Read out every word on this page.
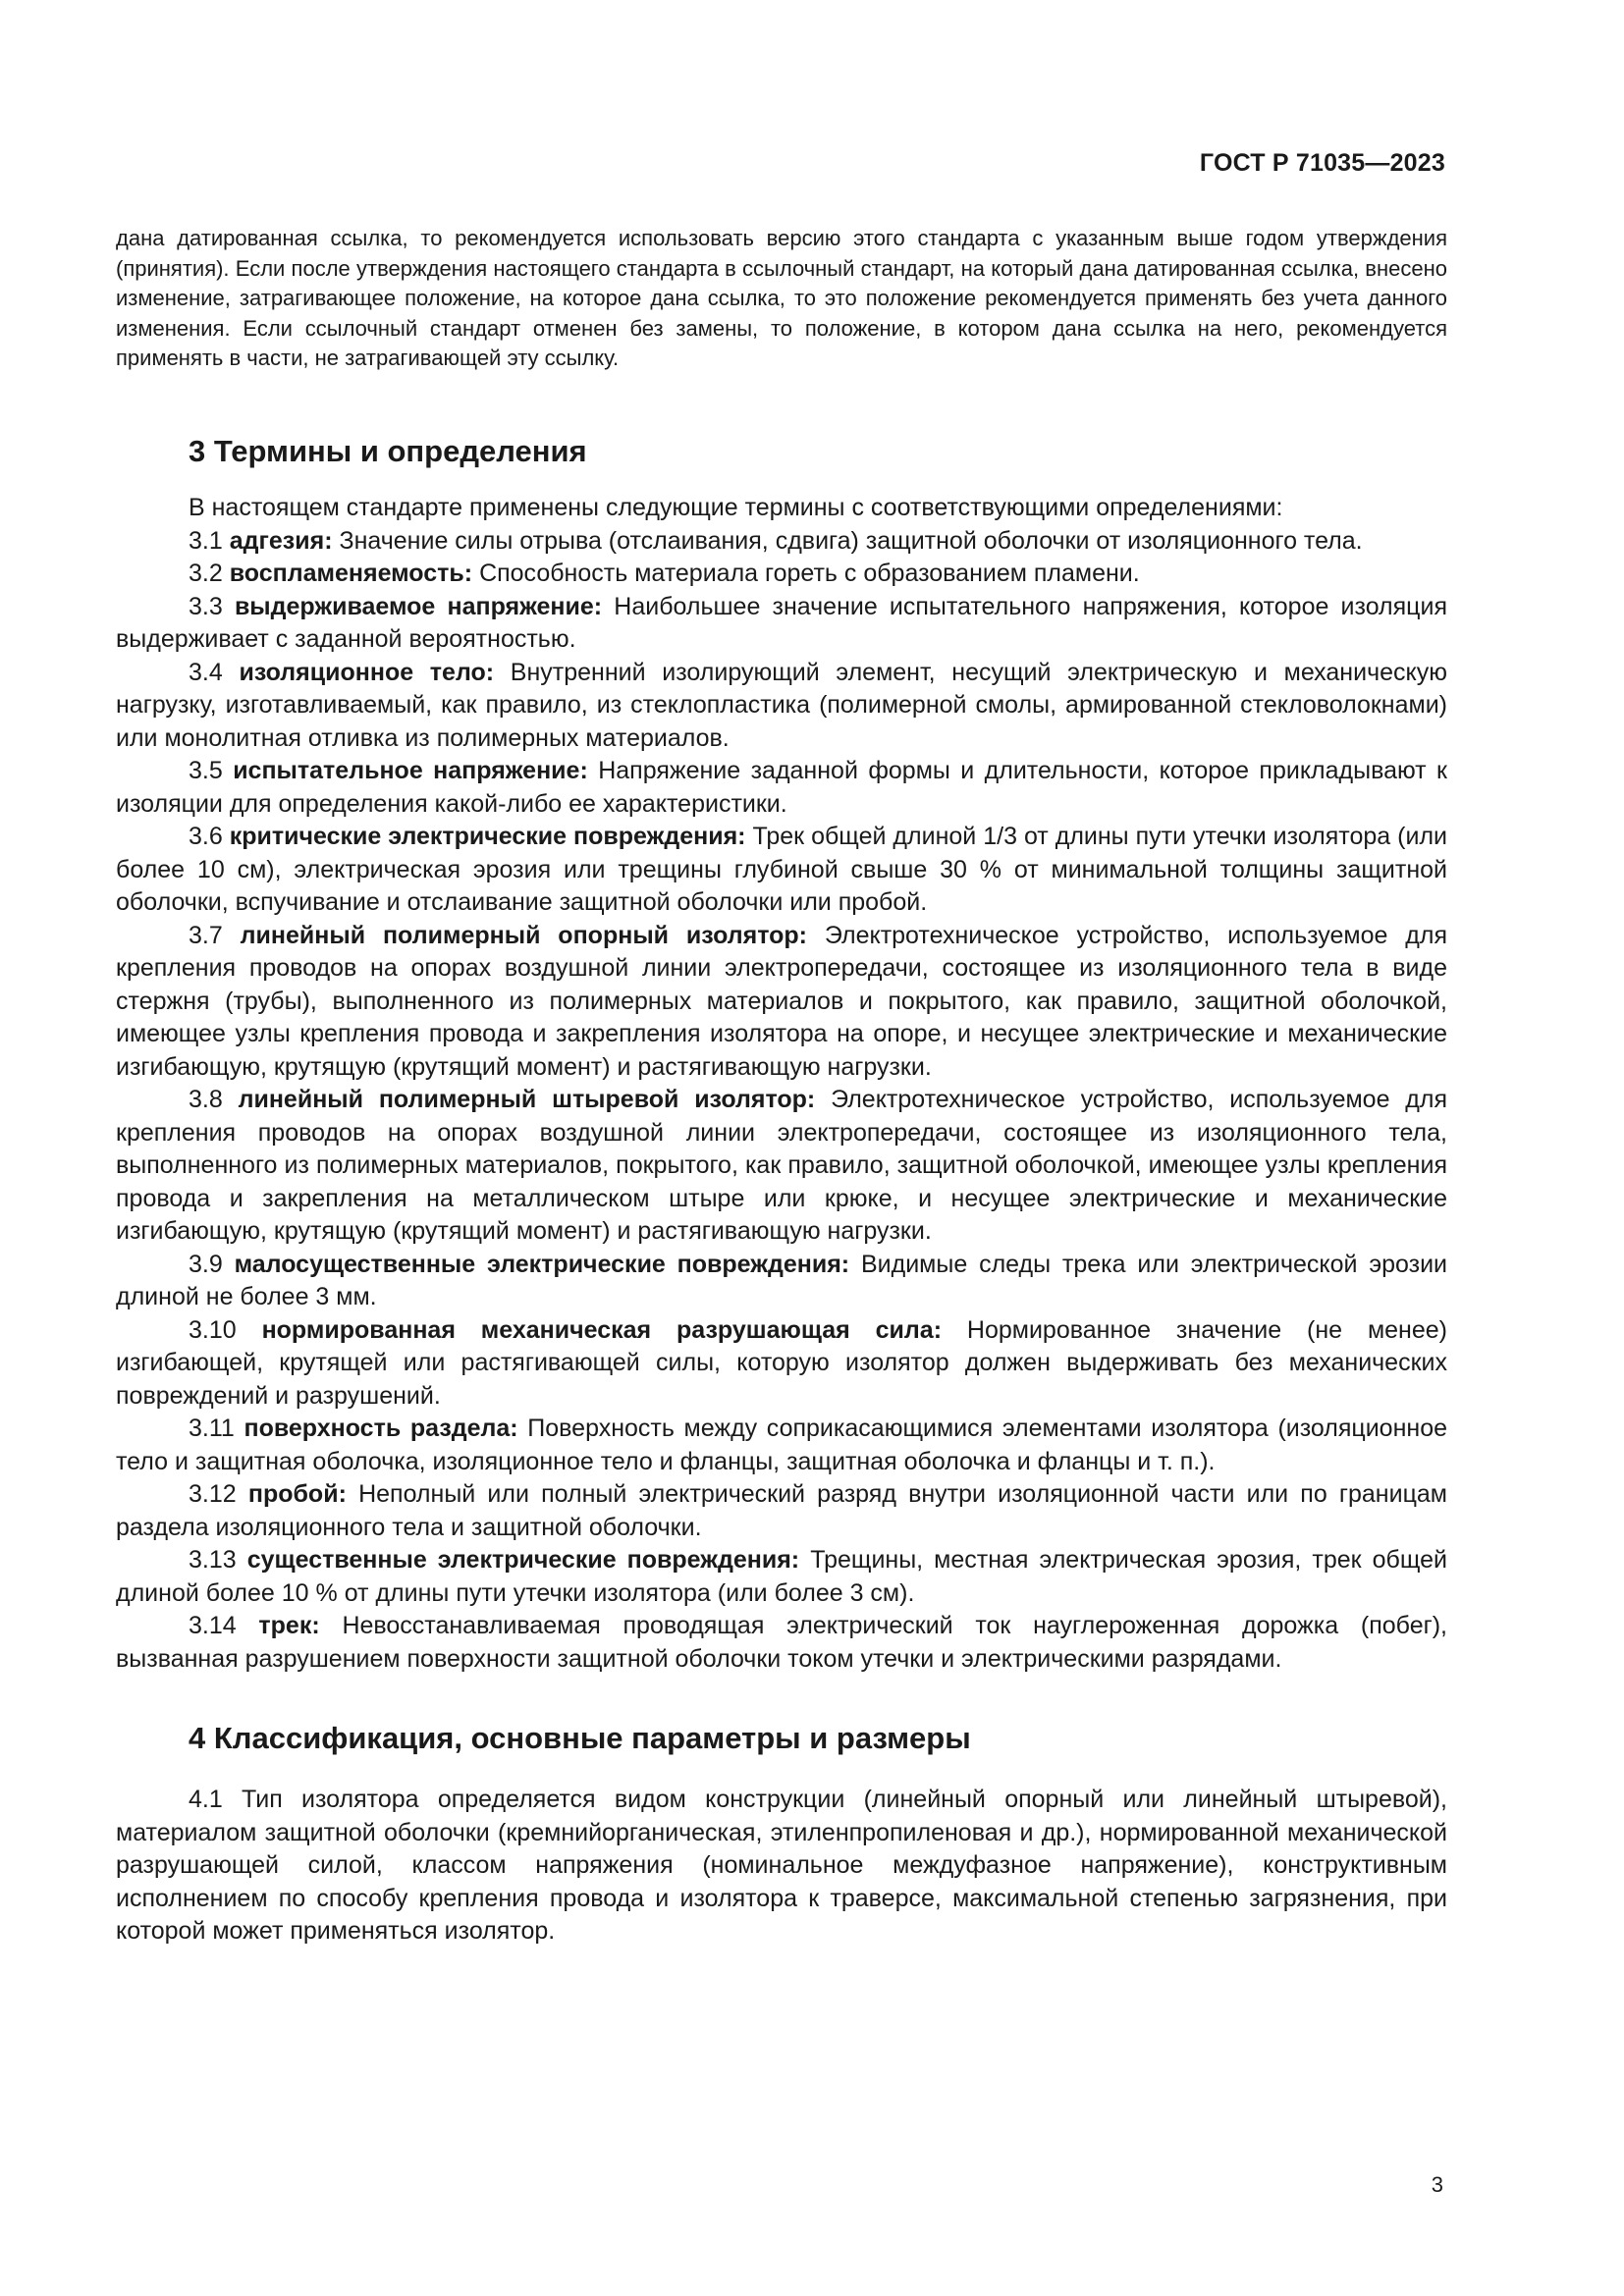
ГОСТ Р 71035—2023
дана датированная ссылка, то рекомендуется использовать версию этого стандарта с указанным выше годом утверждения (принятия). Если после утверждения настоящего стандарта в ссылочный стандарт, на который дана датированная ссылка, внесено изменение, затрагивающее положение, на которое дана ссылка, то это положение рекомендуется применять без учета данного изменения. Если ссылочный стандарт отменен без замены, то положение, в котором дана ссылка на него, рекомендуется применять в части, не затрагивающей эту ссылку.
3 Термины и определения

В настоящем стандарте применены следующие термины с соответствующими определениями:

3.1 адгезия: Значение силы отрыва (отслаивания, сдвига) защитной оболочки от изоляционного тела.

3.2 воспламеняемость: Способность материала гореть с образованием пламени.

3.3 выдерживаемое напряжение: Наибольшее значение испытательного напряжения, которое изоляция выдерживает с заданной вероятностью.

3.4 изоляционное тело: Внутренний изолирующий элемент, несущий электрическую и механическую нагрузку, изготавливаемый, как правило, из стеклопластика (полимерной смолы, армированной стекловолокнами) или монолитная отливка из полимерных материалов.

3.5 испытательное напряжение: Напряжение заданной формы и длительности, которое прикладывают к изоляции для определения какой-либо ее характеристики.

3.6 критические электрические повреждения: Трек общей длиной 1/3 от длины пути утечки изолятора (или более 10 см), электрическая эрозия или трещины глубиной свыше 30 % от минимальной толщины защитной оболочки, вспучивание и отслаивание защитной оболочки или пробой.

3.7 линейный полимерный опорный изолятор: Электротехническое устройство, используемое для крепления проводов на опорах воздушной линии электропередачи, состоящее из изоляционного тела в виде стержня (трубы), выполненного из полимерных материалов и покрытого, как правило, защитной оболочкой, имеющее узлы крепления провода и закрепления изолятора на опоре, и несущее электрические и механические изгибающую, крутящую (крутящий момент) и растягивающую нагрузки.

3.8 линейный полимерный штыревой изолятор: Электротехническое устройство, используемое для крепления проводов на опорах воздушной линии электропередачи, состоящее из изоляционного тела, выполненного из полимерных материалов, покрытого, как правило, защитной оболочкой, имеющее узлы крепления провода и закрепления на металлическом штыре или крюке, и несущее электрические и механические изгибающую, крутящую (крутящий момент) и растягивающую нагрузки.

3.9 малосущественные электрические повреждения: Видимые следы трека или электрической эрозии длиной не более 3 мм.

3.10 нормированная механическая разрушающая сила: Нормированное значение (не менее) изгибающей, крутящей или растягивающей силы, которую изолятор должен выдерживать без механических повреждений и разрушений.

3.11 поверхность раздела: Поверхность между соприкасающимися элементами изолятора (изоляционное тело и защитная оболочка, изоляционное тело и фланцы, защитная оболочка и фланцы и т. п.).

3.12 пробой: Неполный или полный электрический разряд внутри изоляционной части или по границам раздела изоляционного тела и защитной оболочки.

3.13 существенные электрические повреждения: Трещины, местная электрическая эрозия, трек общей длиной более 10 % от длины пути утечки изолятора (или более 3 см).

3.14 трек: Невосстанавливаемая проводящая электрический ток науглероженная дорожка (побег), вызванная разрушением поверхности защитной оболочки током утечки и электрическими разрядами.

4 Классификация, основные параметры и размеры

4.1 Тип изолятора определяется видом конструкции (линейный опорный или линейный штыревой), материалом защитной оболочки (кремнийорганическая, этиленпропиленовая и др.), нормированной механической разрушающей силой, классом напряжения (номинальное междуфазное напряжение), конструктивным исполнением по способу крепления провода и изолятора к траверсе, максимальной степенью загрязнения, при которой может применяться изолятор.

3
